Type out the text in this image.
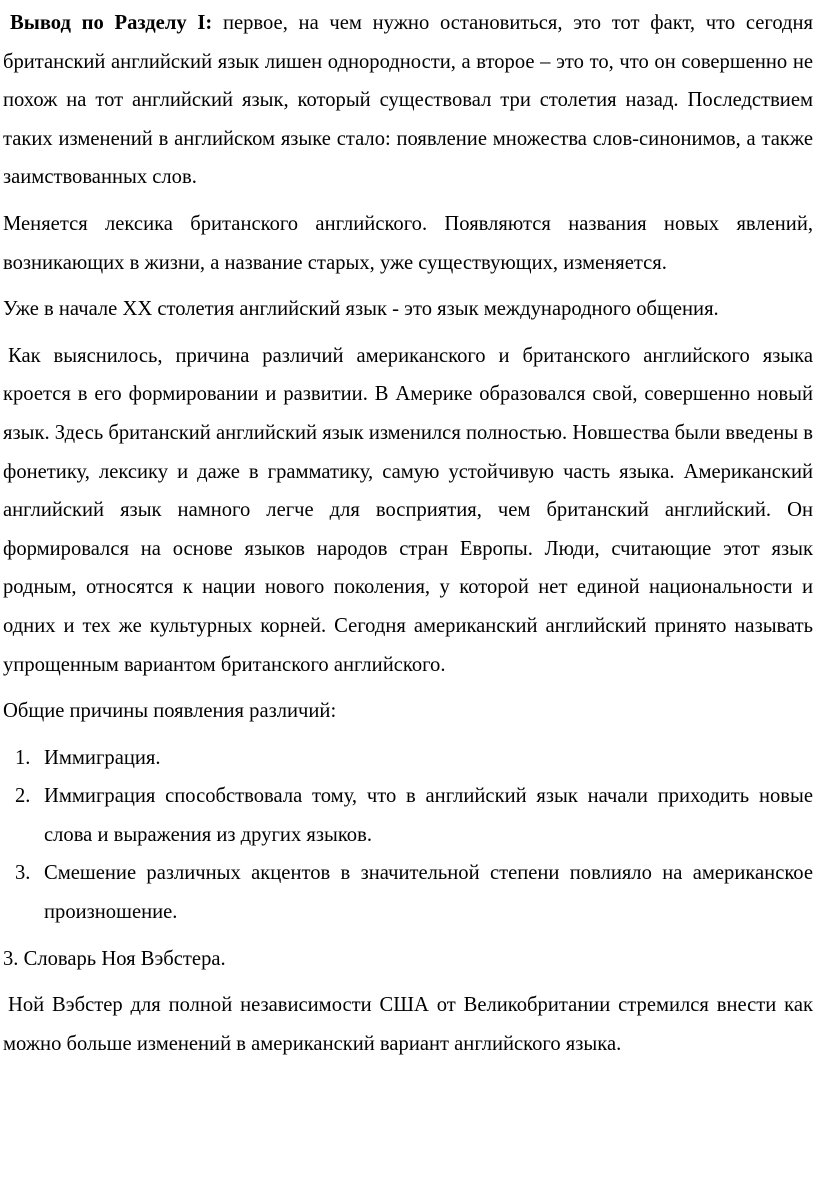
Вывод по Разделу I: первое, на чем нужно остановиться, это тот факт, что сегодня британский английский язык лишен однородности, а второе – это то, что он совершенно не похож на тот английский язык, который существовал три столетия назад. Последствием таких изменений в английском языке стало: появление множества слов-синонимов, а также заимствованных слов.

Меняется лексика британского английского. Появляются названия новых явлений, возникающих в жизни, а название старых, уже существующих, изменяется.

Уже в начале XX столетия английский язык - это язык международного общения.

Как выяснилось, причина различий американского и британского английского языка кроется в его формировании и развитии. В Америке образовался свой, совершенно новый язык. Здесь британский английский язык изменился полностью. Новшества были введены в фонетику, лексику и даже в грамматику, самую устойчивую часть языка. Американский английский язык намного легче для восприятия, чем британский английский. Он формировался на основе языков народов стран Европы. Люди, считающие этот язык родным, относятся к нации нового поколения, у которой нет единой национальности и одних и тех же культурных корней. Сегодня американский английский принято называть упрощенным вариантом британского английского.

Общие причины появления различий:

1. Иммиграция.
2. Иммиграция способствовала тому, что в английский язык начали приходить новые слова и выражения из других языков.
3. Смешение различных акцентов в значительной степени повлияло на американское произношение.

3. Словарь Ноя Вэбстера.

Ной Вэбстер для полной независимости США от Великобритании стремился внести как можно больше изменений в американский вариант английского языка.
